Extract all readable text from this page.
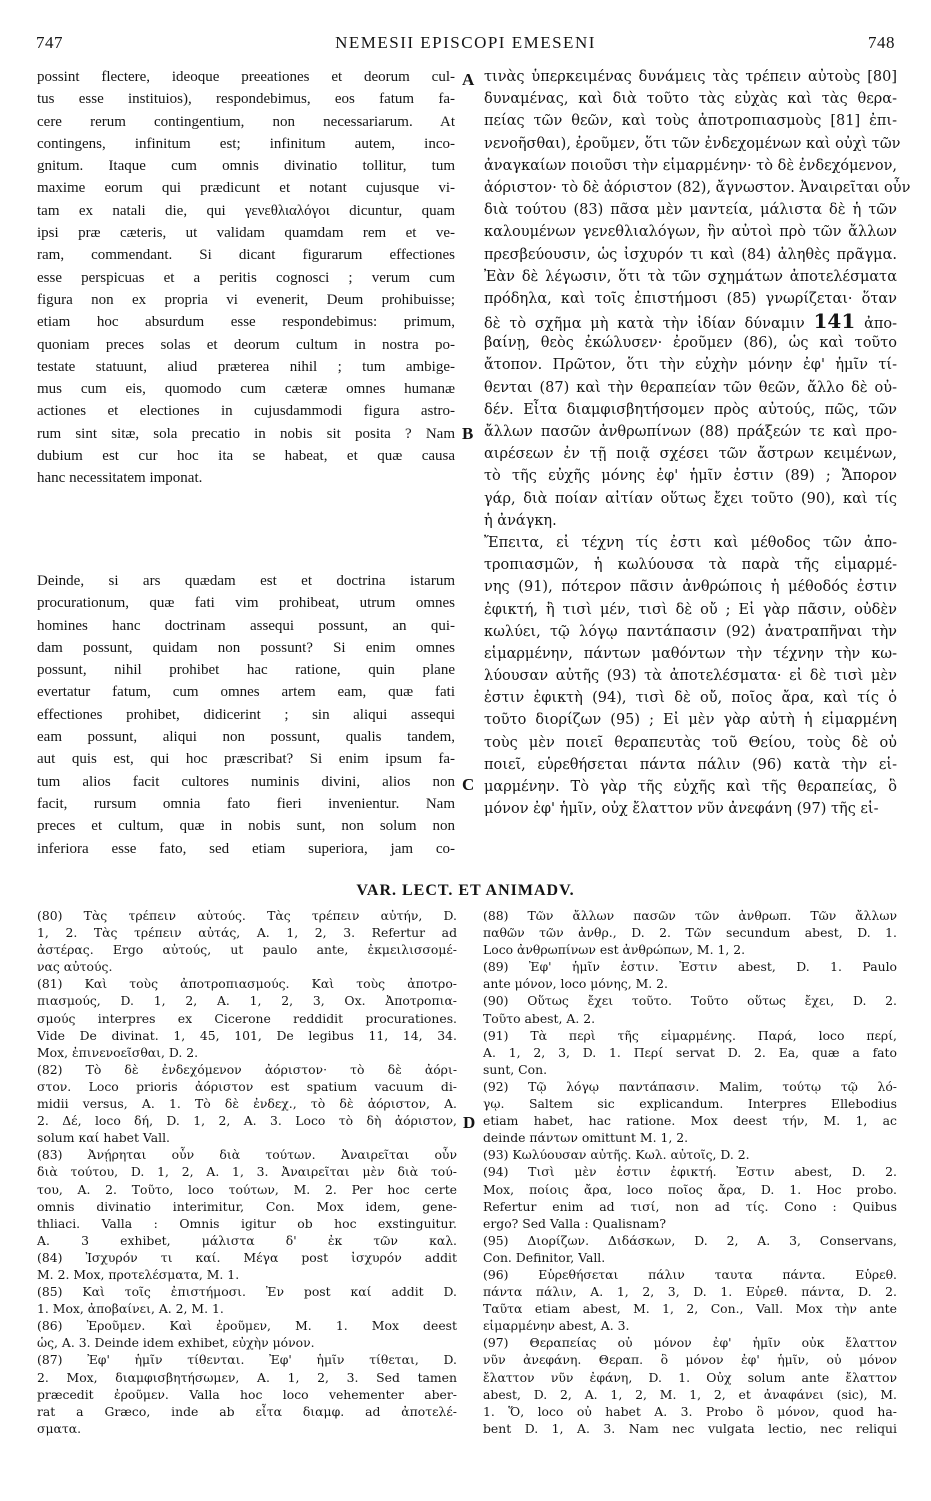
747	NEMESII EPISCOPI EMESENI	748
possint flectere, ideoque preeationes et deorum cul-
tus esse instituios), respondebimus, eos fatum fa-
cere rerum contingentium, non necessariarum. At
contingens, infinitum est; infinitum autem, inco-
gnitum. Itaque cum omnis divinatio tollitur, tum
maxime eorum qui prædicunt et notant cujusque vi-
tam ex natali die, qui γενεθλιαλόγοι dicuntur, quam
ipsi præ cæteris, ut validam quamdam rem et ve-
ram, commendant. Si dicant figurarum effectiones
esse perspicuas et a peritis cognosci ; verum cum
figura non ex propria vi evenerit, Deum prohibuisse;
etiam hoc absurdum esse respondebimus: primum,
quoniam preces solas et deorum cultum in nostra po-
testate statuunt, aliud præterea nihil ; tum ambige-
mus cum eis, quomodo cum cæteræ omnes humanæ
actiones et electiones in cujusdammodi figura astro-
rum sint sitæ, sola precatio in nobis sit posita ? Nam
dubium est cur hoc ita se habeat, et quæ causa
hanc necessitatem imponat.
τινὰς ὑπερκειμένας δυνάμεις τὰς τρέπειν αὐτοὺς [80]
δυναμένας, καὶ διὰ τοῦτο τὰς εὐχὰς καὶ τὰς θερα-
πείας τῶν θεῶν, καὶ τοὺς ἀποτροπιασμοὺς [81] ἐπι-
νενοῆσθαι), ἐροῦμεν, ὅτι τῶν ἐνδεχομένων καὶ οὐχὶ τῶν
ἀναγκαίων ποιοῦσι τὴν εἱμαρμένην· τὸ δὲ ἐνδεχόμενον,
ἀόριστον· τὸ δὲ ἀόριστον (82), ἄγνωστον. Ἀναιρεῖται οὖν
διὰ τούτου (83) πᾶσα μὲν μαντεία, μάλιστα δὲ ἡ τῶν
καλουμένων γενεθλιαλόγων, ἣν αὐτοὶ πρὸ τῶν ἄλλων
πρεσβεύουσιν, ὡς ἰσχυρόν τι καὶ (84) ἀληθὲς πρᾶγμα.
Ἐὰν δὲ λέγωσιν, ὅτι τὰ τῶν σχημάτων ἀποτελέσματα
πρόδηλα, καὶ τοῖς ἐπιστήμοσι (85) γνωρίζεται· ὅταν
δὲ τὸ σχῆμα μὴ κατὰ τὴν ἰδίαν δύναμιν 141 ἀπο-
βαίνῃ, θεὸς ἐκώλυσεν· ἐροῦμεν (86), ὡς καὶ τοῦτο
ἄτοπον. Πρῶτον, ὅτι τὴν εὐχὴν μόνην ἐφ' ἡμῖν τί-
θενται (87) καὶ τὴν θεραπείαν τῶν θεῶν, ἄλλο δὲ οὐ-
δέν. Εἶτα διαμφισβητήσομεν πρὸς αὐτούς, πῶς, τῶν
ἄλλων πασῶν ἀνθρωπίνων (88) πράξεών τε καὶ προ-
αιρέσεων ἐν τῇ ποιᾷ σχέσει τῶν ἄστρων κειμένων,
τὸ τῆς εὐχῆς μόνης ἐφ' ἡμῖν ἐστιν (89) ; Ἄπορον
γάρ, διὰ ποίαν αἰτίαν οὕτως ἔχει τοῦτο (90), καὶ τίς
ἡ ἀνάγκη.
Ἔπειτα, εἰ τέχνη τίς ἐστι καὶ μέθοδος τῶν ἀπο-
τροπιασμῶν, ἡ κωλύουσα τὰ παρὰ τῆς εἱμαρμέ-
νης (91), πότερον πᾶσιν ἀνθρώποις ἡ μέθοδός ἐστιν
ἐφικτή, ἢ τισὶ μέν, τισὶ δὲ οὔ ; Εἰ γὰρ πᾶσιν, οὐδὲν
κωλύει, τῷ λόγῳ παντάπασιν (92) ἀνατραπῆναι τὴν
εἱμαρμένην, πάντων μαθόντων τὴν τέχνην τὴν κω-
λύουσαν αὐτῆς (93) τὰ ἀποτελέσματα· εἰ δὲ τισὶ μὲν
ἐστιν ἐφικτὴ (94), τισὶ δὲ οὔ, ποῖος ἄρα, καὶ τίς ὁ
τοῦτο διορίζων (95) ; Εἰ μὲν γὰρ αὐτὴ ἡ εἱμαρμένη
τοὺς μὲν ποιεῖ θεραπευτὰς τοῦ Θείου, τοὺς δὲ οὐ
ποιεῖ, εὑρεθήσεται πάντα πάλιν (96) κατὰ τὴν εἱ-
μαρμένην. Τὸ γὰρ τῆς εὐχῆς καὶ τῆς θεραπείας, ὃ
μόνον ἐφ' ἡμῖν, οὐχ ἔλαττον νῦν ἀνεφάνη (97) τῆς εἱ-
Deinde, si ars quædam est et doctrina istarum
procurationum, quæ fati vim prohibeat, utrum omnes
homines hanc doctrinam assequi possunt, an qui-
dam possunt, quidam non possunt? Si enim omnes
possunt, nihil prohibet hac ratione, quin plane
evertatur fatum, cum omnes artem eam, quæ fati
effectiones prohibet, didicerint ; sin aliqui assequi
eam possunt, aliqui non possunt, qualis tandem,
aut quis est, qui hoc præscribat? Si enim ipsum fa-
tum alios facit cultores numinis divini, alios non
facit, rursum omnia fato fieri invenientur. Nam
preces et cultum, quæ in nobis sunt, non solum non
inferiora esse fato, sed etiam superiora, jam co-
A
B
C
D
VAR. LECT. ET ANIMADV.
(80) Τὰς τρέπειν αὐτούς. Τὰς τρέπειν αὐτήν, D.
1, 2. Τὰς τρέπειν αὐτάς, A. 1, 2, 3. Refertur ad
ἀστέρας. Ergo αὐτούς, ut paulo ante, ἐκμειλισσομέ-
νας αὐτούς.
(81) Καὶ τοὺς ἀποτροπιασμούς. Καὶ τοὺς ἀποτρο-
πιασμούς, D. 1, 2, A. 1, 2, 3, Ox. Ἀποτροπια-
σμούς interpres ex Cicerone reddidit procurationes.
Vide De divinat. 1, 45, 101, De legibus 11, 14, 34.
Mox, ἐπινενοεῖσθαι, D. 2.
(82) Τὸ δὲ ἐνδεχόμενον ἀόριστον· τὸ δὲ ἀόρι-
στον. Loco prioris ἀόριστον est spatium vacuum di-
midii versus, A. 1. Τὸ δὲ ἐνδεχ., τὸ δὲ ἀόριστον, A.
2. Δέ, loco δή, D. 1, 2, A. 3. Loco τὸ δὴ ἀόριστον,
solum καί habet Vall.
(83) Ἀνῄρηται οὖν διὰ τούτων. Ἀναιρεῖται οὖν
διὰ τούτου, D. 1, 2, A. 1, 3. Ἀναιρεῖται μὲν διὰ τού-
του, A. 2. Τοῦτο, loco τούτων, M. 2. Per hoc certe
omnis divinatio interimitur, Con. Mox idem, gene-
thliaci. Valla : Omnis igitur ob hoc exstinguitur.
A. 3 exhibet, μάλιστα δ' ἐκ τῶν καλ.
(84) Ἰσχυρόν τι καί. Μέγα post ἰσχυρόν addit
M. 2. Mox, προτελέσματα, M. 1.
(85) Καὶ τοῖς ἐπιστήμοσι. Ἐν post καί addit D.
1. Mox, ἀποβαίνει, A. 2, M. 1.
(86) Ἐροῦμεν. Καὶ ἐροῦμεν, M. 1. Mox deest
ὡς, A. 3. Deinde idem exhibet, εὐχὴν μόνον.
(87) Ἐφ' ἡμῖν τίθενται. Ἐφ' ἡμῖν τίθεται, D.
2. Mox, διαμφισβητήσωμεν, A. 1, 2, 3. Sed tamen
præcedit ἐροῦμεν. Valla hoc loco vehementer aber-
rat a Græco, inde ab εἶτα διαμφ. ad ἀποτελέ-
σματα.
(88) Τῶν ἄλλων πασῶν τῶν ἀνθρωπ. Τῶν ἄλλων
παθῶν τῶν ἀνθρ., D. 2. Τῶν secundum abest, D. 1.
Loco ἀνθρωπίνων est ἀνθρώπων, M. 1, 2.
(89) Ἐφ' ἡμῖν ἐστιν. Ἐστιν abest, D. 1. Paulo
ante μόνον, loco μόνης, M. 2.
(90) Οὕτως ἔχει τοῦτο. Τοῦτο οὕτως ἔχει, D. 2.
Τοῦτο abest, A. 2.
(91) Τὰ περὶ τῆς εἱμαρμένης. Παρά, loco περί,
A. 1, 2, 3, D. 1. Περί servat D. 2. Ea, quæ a fato
sunt, Con.
(92) Τῷ λόγῳ παντάπασιν. Malim, τούτῳ τῷ λό-
γῳ. Saltem sic explicandum. Interpres Ellebodius
etiam habet, hac ratione. Mox deest τήν, M. 1, ac
deinde πάντων omittunt M. 1, 2.
(93) Κωλύουσαν αὐτῆς. Κωλ. αὐτοῖς, D. 2.
(94) Τισὶ μὲν ἐστιν ἐφικτή. Ἐστιν abest, D. 2.
Mox, ποίοις ἄρα, loco ποῖος ἄρα, D. 1. Hoc probo.
Refertur enim ad τισί, non ad τίς. Cono : Quibus
ergo? Sed Valla : Qualisnam?
(95) Διορίζων. Διδάσκων, D. 2, A. 3, Conservans,
Con. Definitor, Vall.
(96) Εὑρεθήσεται πάλιν ταυτα πάντα. Εὑρεθ.
πάντα πάλιν, A. 1, 2, 3, D. 1. Εὑρεθ. πάντα, D. 2.
Ταῦτα etiam abest, M. 1, 2, Con., Vall. Mox τὴν ante
εἱμαρμένην abest, A. 3.
(97) Θεραπείας οὐ μόνον ἐφ' ἡμῖν οὐκ ἔλαττον
νῦν ἀνεφάνη. Θεραπ. ὃ μόνον ἐφ' ἡμῖν, οὐ μόνον
ἔλαττον νῦν ἐφάνη, D. 1. Οὐχ solum ante ἔλαττον
abest, D. 2, A. 1, 2, M. 1, 2, et ἀναφάνει (sic), M.
1. Ὅ, loco οὐ habet A. 3. Probo ὃ μόνον, quod ha-
bent D. 1, A. 3. Nam nec vulgata lectio, nec reliqui
